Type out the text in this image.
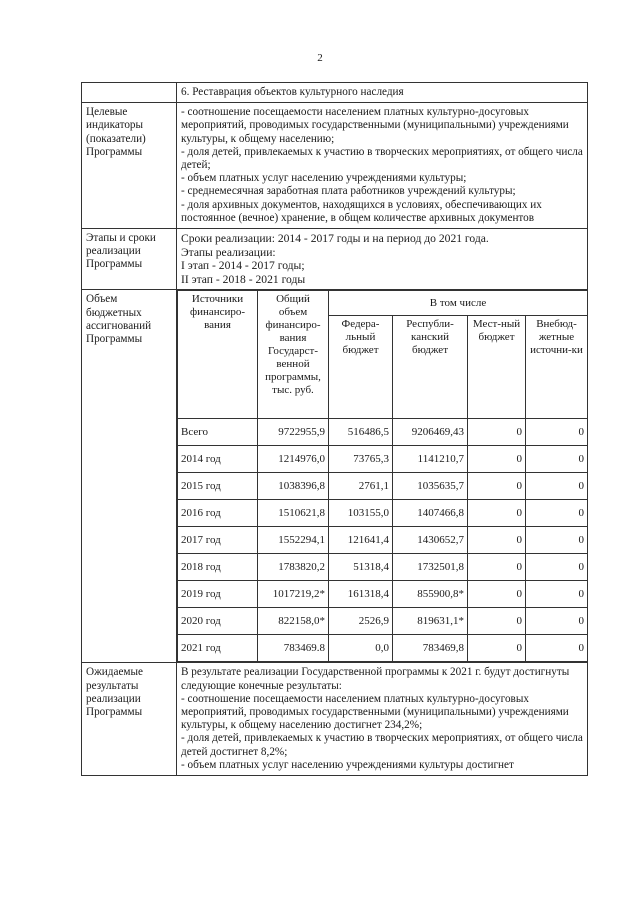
2
	6. Реставрация объектов культурного наследия

Целевые
индикаторы
(показатели)
Программы

- соотношение посещаемости населением платных культурно-досуговых мероприятий, проводимых государственными (муниципальными) учреждениями культуры, к общему населению;

- доля детей, привлекаемых к участию в творческих мероприятиях, от общего числа детей;

- объем платных услуг населению учреждениями культуры;

- среднемесячная заработная плата работников учреждений культуры;

- доля архивных документов, находящихся в условиях, обеспечивающих их постоянное (вечное) хранение, в общем количестве архивных документов

Этапы и сроки
реализации
Программы

Сроки реализации: 2014 - 2017 годы и на период до 2021 года.
Этапы реализации:
I этап - 2014 - 2017 годы;
II этап - 2018 - 2021 годы

Объем
бюджетных
ассигнований
Программы

Источники финансиро-вания	Общий объем финансиро-вания Государст-венной программы, тыс. руб.	В том числе
Федера-льный бюджет	Республи-канский бюджет	Мест-ный бюджет	Внебюд-жетные источни-ки
Всего	9722955,9	516486,5	9206469,43	0	0
2014 год	1214976,0	73765,3	1141210,7	0	0
2015 год	1038396,8	2761,1	1035635,7	0	0
2016 год	1510621,8	103155,0	1407466,8	0	0
2017 год	1552294,1	121641,4	1430652,7	0	0
2018 год	1783820,2	51318,4	1732501,8	0	0
2019 год	1017219,2*	161318,4	855900,8*	0	0
2020 год	822158,0*	2526,9	819631,1*	0	0
2021 год	783469.8	0,0	783469,8	0	0

Ожидаемые
результаты
реализации
Программы

В результате реализации Государственной программы к 2021 г. будут достигнуты следующие конечные результаты:

- соотношение посещаемости населением платных культурно-досуговых мероприятий, проводимых государственными (муниципальными) учреждениями культуры, к общему населению достигнет 234,2%;

- доля детей, привлекаемых к участию в творческих мероприятиях, от общего числа детей достигнет 8,2%;

- объем платных услуг населению учреждениями культуры достигнет
